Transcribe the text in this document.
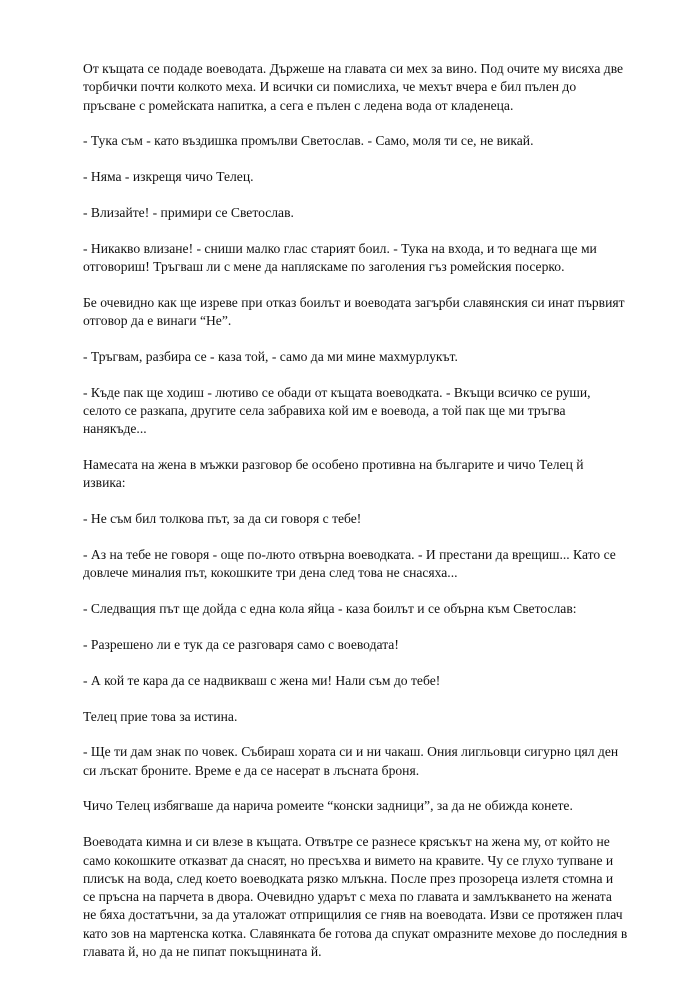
От къщата се подаде воеводата. Държеше на главата си мех за вино. Под очите му висяха две торбички почти колкото меха. И всички си помислиха, че мехът вчера е бил пълен до пръсване с ромейската напитка, а сега е пълен с ледена вода от кладенеца.

- Тука съм - като въздишка промълви Светослав. - Само, моля ти се, не викай.

- Няма - изкрещя чичо Телец.

- Влизайте! - примири се Светослав.

- Никакво влизане! - сниши малко глас старият боил. - Тука на входа, и то веднага ще ми отговориш! Тръгваш ли с мене да напляскаме по заголения гъз ромейския посерко.

Бе очевидно как ще изреве при отказ боилът и воеводата загърби славянския си инат първият отговор да е винаги “Не”.

- Тръгвам, разбира се - каза той, - само да ми мине махмурлукът.

- Къде пак ще ходиш - лютиво се обади от къщата воеводката. - Вкъщи всичко се руши, селото се разкапа, другите села забравиха кой им е воевода, а той пак ще ми тръгва нанякъде...

Намесата на жена в мъжки разговор бе особено противна на българите и чичо Телец й извика:

- Не съм бил толкова път, за да си говоря с тебе!

- Аз на тебе не говоря - още по-лютo отвърна воеводката. - И престани да врещиш... Като се довлече миналия път, кокошките три дена след това не снасяха...

- Следващия път ще дойда с една кола яйца - каза боилът и се обърна към Светослав:

- Разрешено ли е тук да се разговаря само с воеводата!

- А кой те кара да се надвикваш с жена ми! Нали съм до тебе!

Телец прие това за истина.

- Ще ти дам знак по човек. Събираш хората си и ни чакаш. Ония лигльовци сигурно цял ден си лъскат броните. Време е да се насерат в лъсната броня.

Чичо Телец избягваше да нарича ромеите “конски задници”, за да не обижда конете.

Воеводата кимна и си влезе в къщата. Отвътре се разнесе крясъкът на жена му, от който не само кокошките отказват да снасят, но пресъхва и вимето на кравите. Чу се глухо тупване и плисък на вода, след което воеводката рязко млъкна. После през прозореца излетя стомна и се пръсна на парчета в двора. Очевидно ударът с меха по главата и замлъкването на жената не бяха достатъчни, за да уталожат отприщилия се гняв на воеводата. Изви се протяжен плач като зов на мартенска котка. Славянката бе готова да спукат омразните мехове до последния в главата й, но да не пипат покъщнината й.
